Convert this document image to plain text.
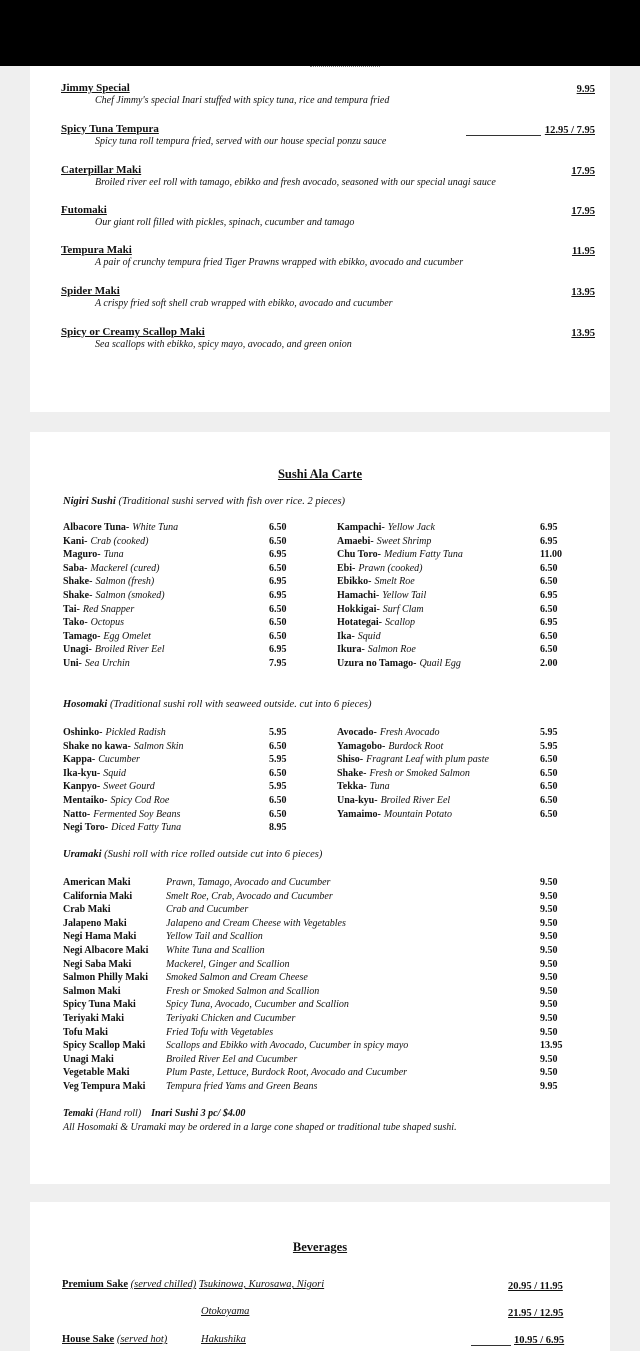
Jimmy Special
Chef Jimmy's special Inari stuffed with spicy tuna, rice and tempura fried
9.95
Spicy Tuna Tempura
Spicy tuna roll tempura fried, served with our house special ponzu sauce
12.95 / 7.95
Caterpillar Maki
Broiled river eel roll with tamago, ebikko and fresh avocado, seasoned with our special unagi sauce
17.95
Futomaki
Our giant roll filled with pickles, spinach, cucumber and tamago
17.95
Tempura Maki
A pair of crunchy tempura fried Tiger Prawns wrapped with ebikko, avocado and cucumber
11.95
Spider Maki
A crispy fried soft shell crab wrapped with ebikko, avocado and cucumber
13.95
Spicy or Creamy Scallop Maki
Sea scallops with ebikko, spicy mayo, avocado, and green onion
13.95
Sushi Ala Carte
Nigiri Sushi (Traditional sushi served with fish over rice. 2 pieces)
Albacore Tuna- White Tuna	6.50
Kani- Crab (cooked)	6.50
Maguro- Tuna	6.95
Saba- Mackerel (cured)	6.50
Shake- Salmon (fresh)	6.95
Shake- Salmon (smoked)	6.95
Tai- Red Snapper	6.50
Tako- Octopus	6.50
Tamago- Egg Omelet	6.50
Unagi- Broiled River Eel	6.95
Uni- Sea Urchin	7.95
Kampachi- Yellow Jack	6.95
Amaebi- Sweet Shrimp	6.95
Chu Toro- Medium Fatty Tuna	11.00
Ebi- Prawn (cooked)	6.50
Ebikko- Smelt Roe	6.50
Hamachi- Yellow Tail	6.95
Hokkigai- Surf Clam	6.50
Hotategai- Scallop	6.95
Ika- Squid	6.50
Ikura- Salmon Roe	6.50
Uzura no Tamago- Quail Egg	2.00
Hosomaki (Traditional sushi roll with seaweed outside. cut into 6 pieces)
Oshinko- Pickled Radish	5.95
Shake no kawa- Salmon Skin	6.50
Kappa- Cucumber	5.95
Ika-kyu- Squid	6.50
Kanpyo- Sweet Gourd	5.95
Mentaiko- Spicy Cod Roe	6.50
Natto- Fermented Soy Beans	6.50
Negi Toro- Diced Fatty Tuna	8.95
Avocado- Fresh Avocado	5.95
Yamagobo- Burdock Root	5.95
Shiso- Fragrant Leaf with plum paste	6.50
Shake- Fresh or Smoked Salmon	6.50
Tekka- Tuna	6.50
Una-kyu- Broiled River Eel	6.50
Yamaimo- Mountain Potato	6.50
Uramaki (Sushi roll with rice rolled outside cut into 6 pieces)
American Maki	Prawn, Tamago, Avocado and Cucumber	9.50
California Maki	Smelt Roe, Crab, Avocado and Cucumber	9.50
Crab Maki	Crab and Cucumber	9.50
Jalapeno Maki	Jalapeno and Cream Cheese with Vegetables	9.50
Negi Hama Maki	Yellow Tail and Scallion	9.50
Negi Albacore Maki White Tuna and Scallion	9.50
Negi Saba Maki	Mackerel, Ginger and Scallion	9.50
Salmon Philly Maki Smoked Salmon and Cream Cheese	9.50
Salmon Maki	Fresh or Smoked Salmon and Scallion	9.50
Spicy Tuna Maki	Spicy Tuna, Avocado, Cucumber and Scallion	9.50
Teriyaki Maki	Teriyaki Chicken and Cucumber	9.50
Tofu Maki	Fried Tofu with Vegetables	9.50
Spicy Scallop Maki Scallops and Ebikko with Avocado, Cucumber in spicy mayo	13.95
Unagi Maki	Broiled River Eel and Cucumber	9.50
Vegetable Maki	Plum Paste, Lettuce, Burdock Root, Avocado and Cucumber	9.50
Veg Tempura Maki Tempura fried Yams and Green Beans	9.95
Temaki (Hand roll) Inari Sushi 3 pc/ $4.00
All Hosomaki & Uramaki may be ordered in a large cone shaped or traditional tube shaped sushi.
Beverages
Premium Sake (served chilled) Tsukinowa, Kurosawa, Nigori	20.95 / 11.95
Otokoyama	21.95 / 12.95
House Sake (served hot)	Hakushika	10.95 / 6.95
